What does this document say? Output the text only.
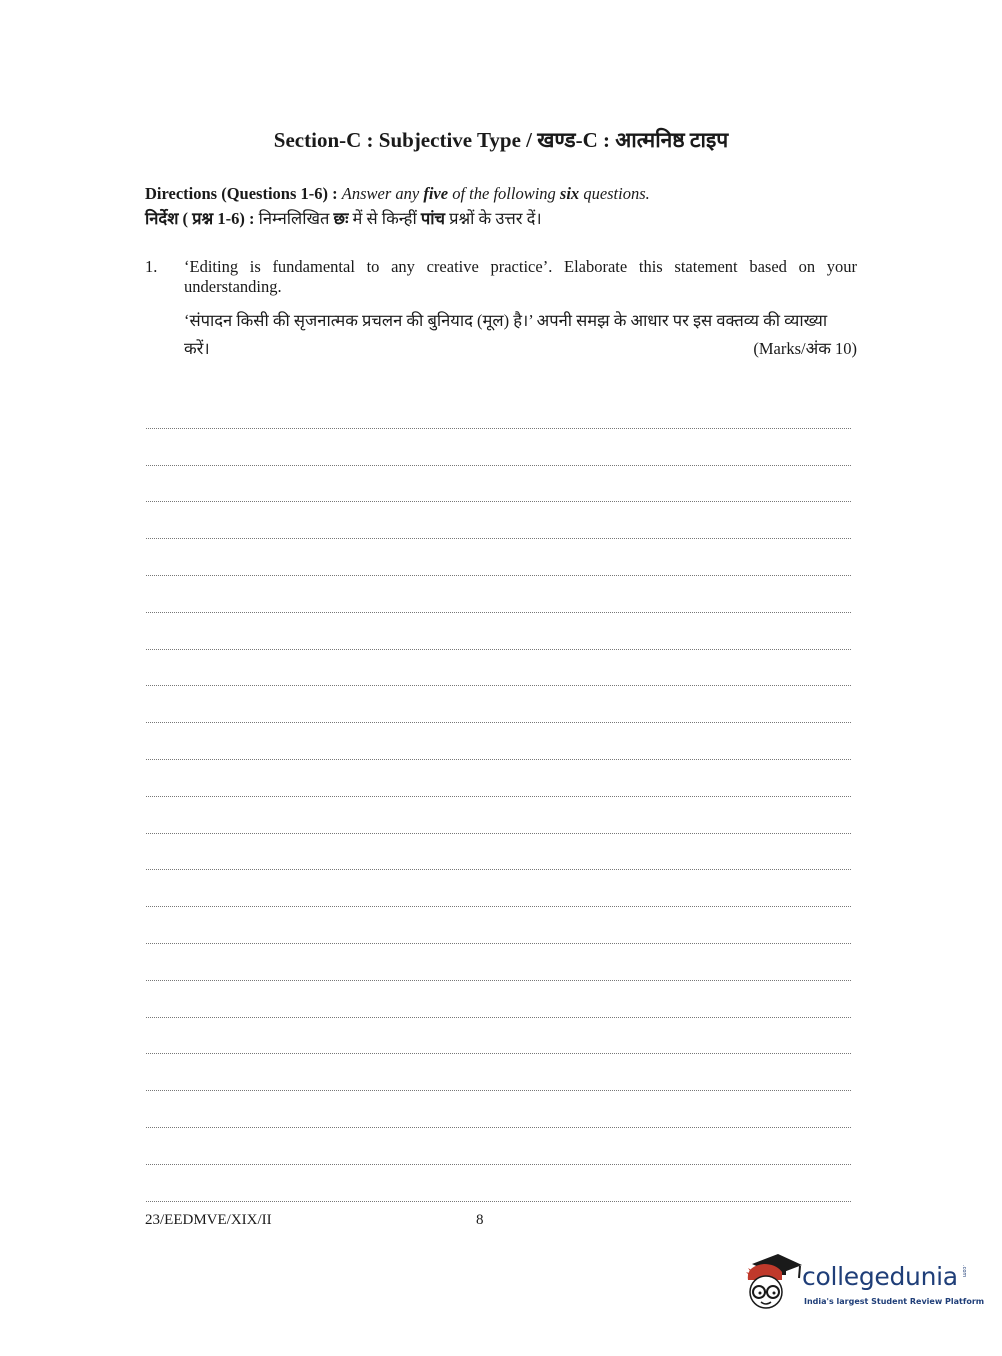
Section-C : Subjective Type / खण्ड-C : आत्मनिष्ठ टाइप
Directions (Questions 1-6) : Answer any five of the following six questions.
निर्देश ( प्रश्न 1-6) : निम्नलिखित छः में से किन्हीं पांच प्रश्नों के उत्तर दें।
1.	‘Editing is fundamental to any creative practice’. Elaborate this statement based on your understanding.
‘संपादन किसी की सृजनात्मक प्रचलन की बुनियाद (मूल) है।’ अपनी समझ के आधार पर इस वक्तव्य की व्याख्या
करें।	(Marks/अंक 10)
23/EEDMVE/XIX/II	8
collegedunia .com
India's largest Student Review Platform
